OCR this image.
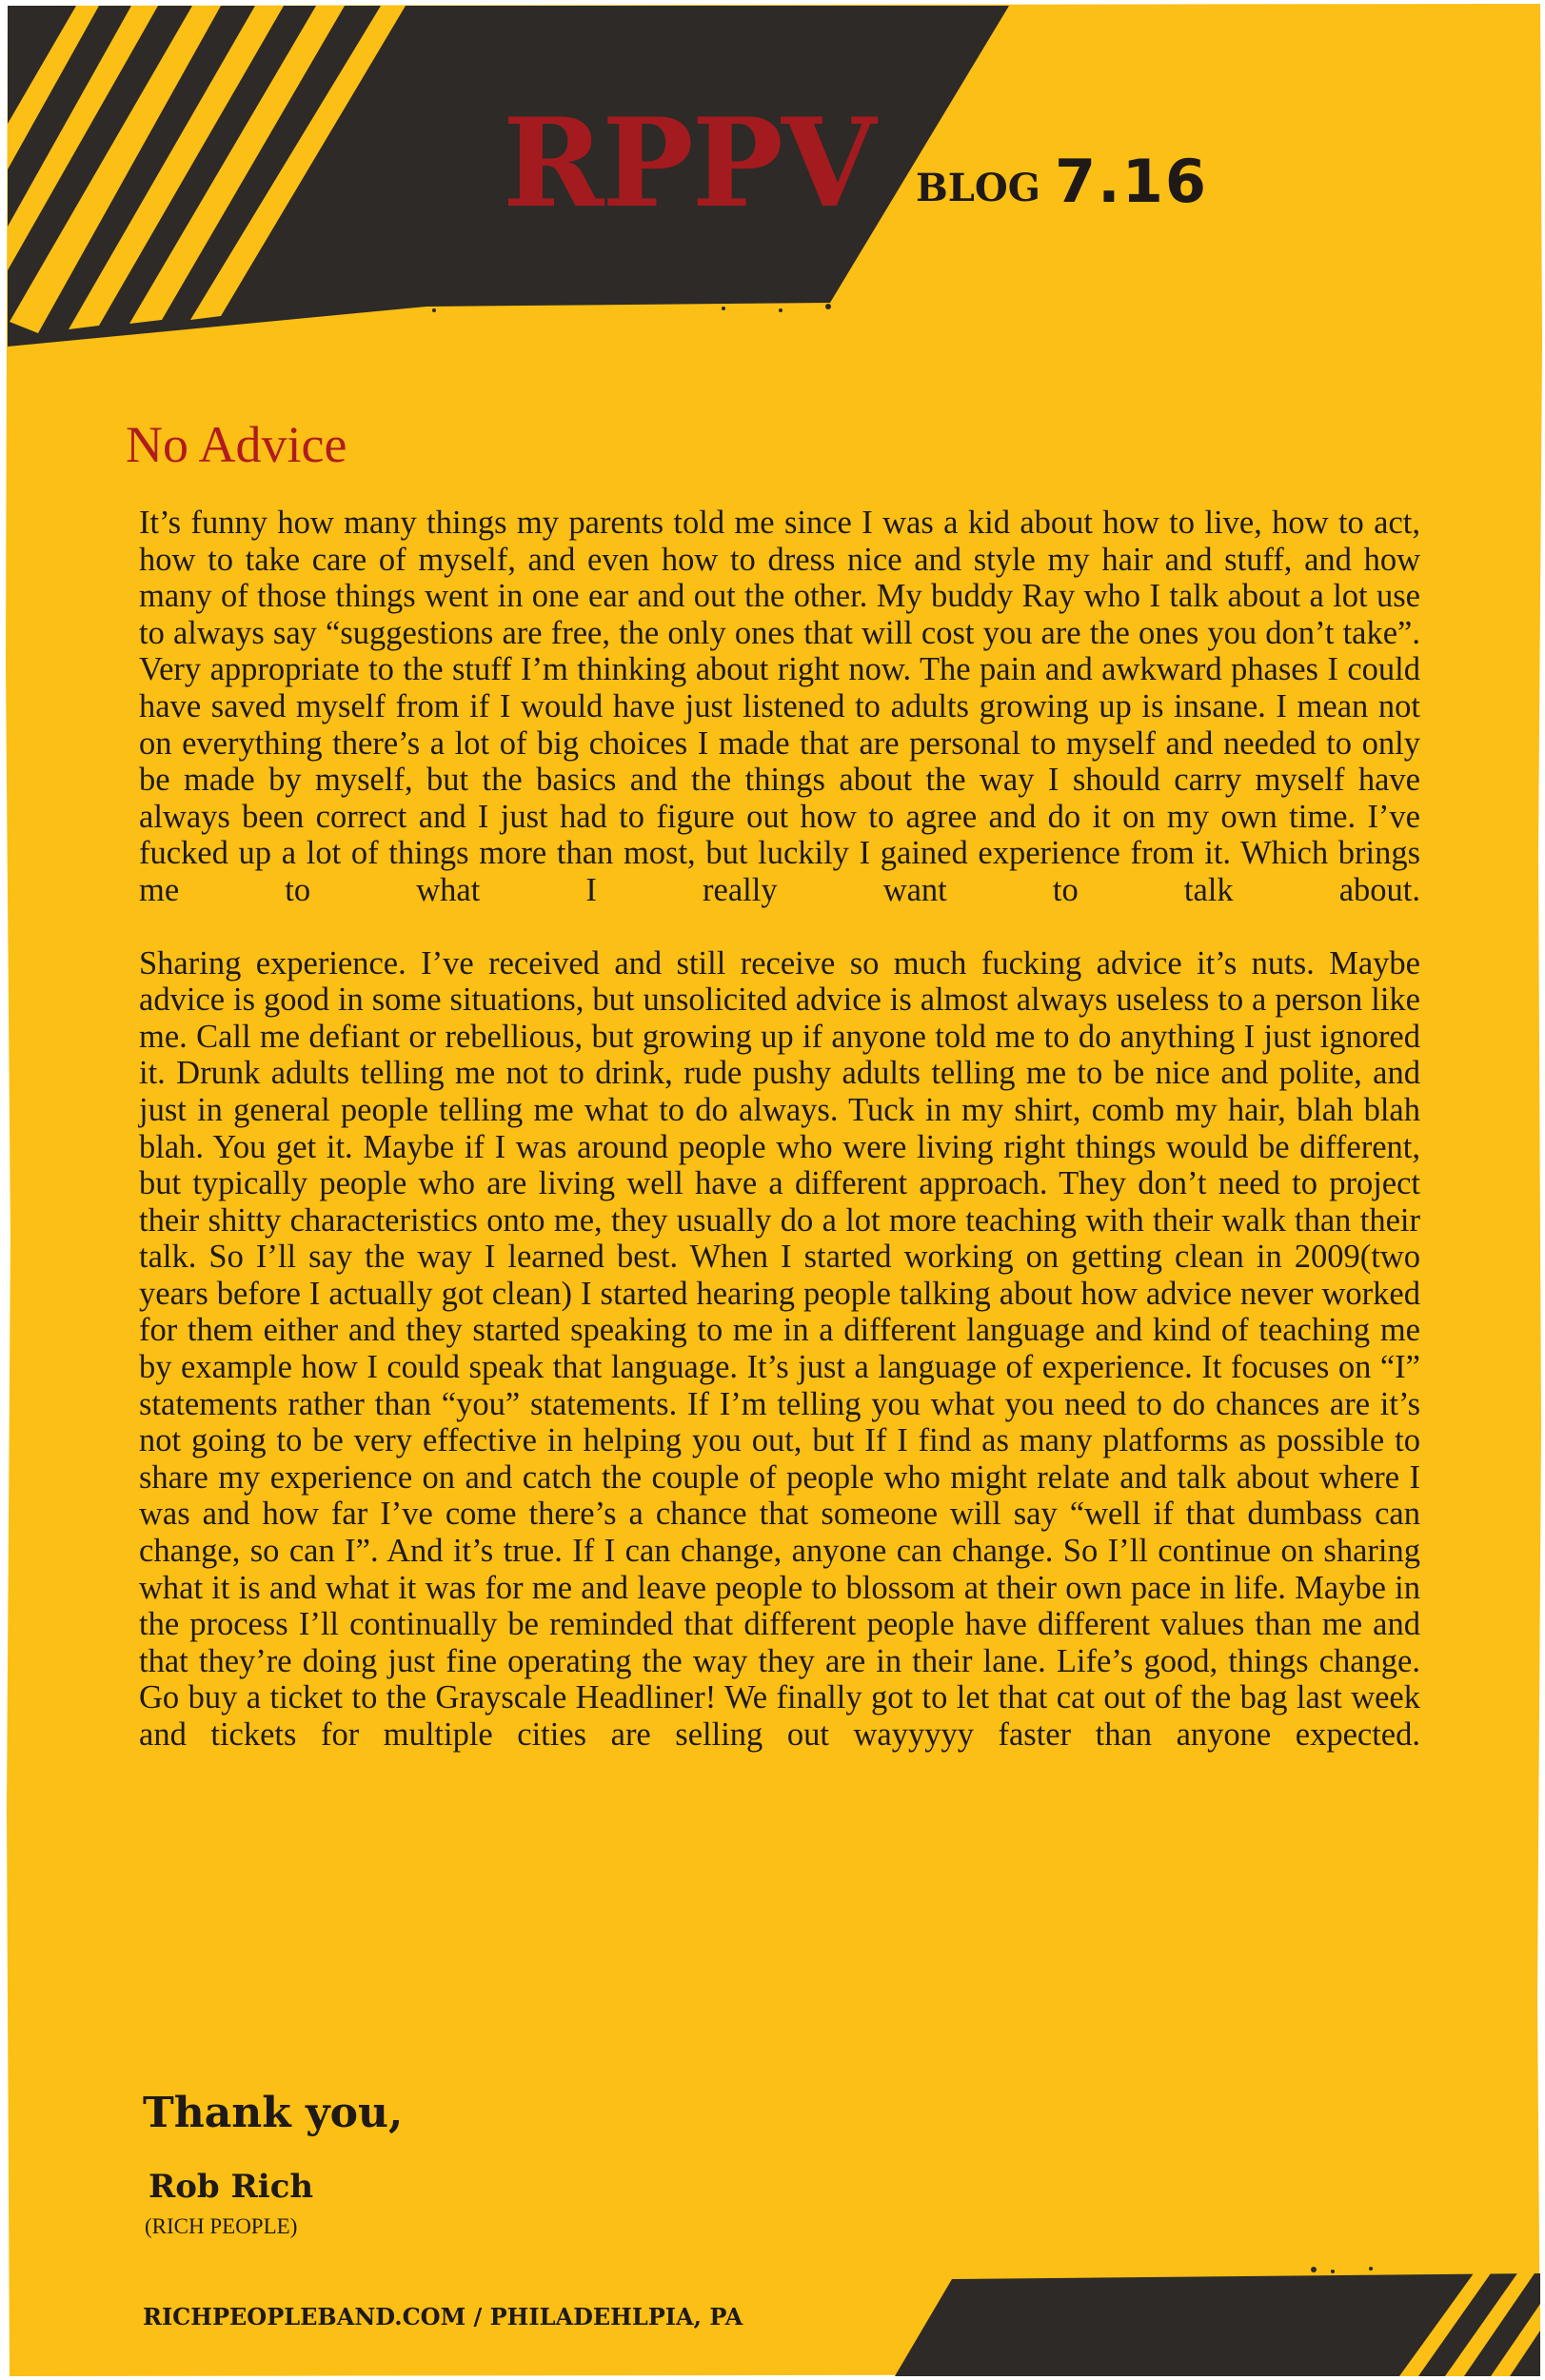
RPPV BLOG 7.16
No Advice

It’s funny how many things my parents told me since I was a kid about how to live, how to act, how to take care of myself, and even how to dress nice and style my hair and stuff, and how many of those things went in one ear and out the other. My buddy Ray who I talk about a lot use to always say “suggestions are free, the only ones that will cost you are the ones you don’t take”. Very appropriate to the stuff I’m thinking about right now. The pain and awkward phases I could have saved myself from if I would have just listened to adults growing up is insane. I mean not on everything there’s a lot of big choices I made that are personal to myself and needed to only be made by myself, but the basics and the things about the way I should carry myself have always been correct and I just had to figure out how to agree and do it on my own time. I’ve fucked up a lot of things more than most, but luckily I gained experience from it. Which brings me to what I really want to talk about.

Sharing experience. I’ve received and still receive so much fucking advice it’s nuts. Maybe advice is good in some situations, but unsolicited advice is almost always useless to a person like me. Call me defiant or rebellious, but growing up if anyone told me to do anything I just ignored it. Drunk adults telling me not to drink, rude pushy adults telling me to be nice and polite, and just in general people telling me what to do always. Tuck in my shirt, comb my hair, blah blah blah. You get it. Maybe if I was around people who were living right things would be different, but typically people who are living well have a different approach. They don’t need to project their shitty characteristics onto me, they usually do a lot more teaching with their walk than their talk. So I’ll say the way I learned best. When I started working on getting clean in 2009(two years before I actually got clean) I started hearing people talking about how advice never worked for them either and they started speaking to me in a different language and kind of teaching me by example how I could speak that language. It’s just a language of experience. It focuses on “I” statements rather than “you” statements. If I’m telling you what you need to do chances are it’s not going to be very effective in helping you out, but If I find as many platforms as possible to share my experience on and catch the couple of people who might relate and talk about where I was and how far I’ve come there’s a chance that someone will say “well if that dumbass can change, so can I”. And it’s true. If I can change, anyone can change. So I’ll continue on sharing what it is and what it was for me and leave people to blossom at their own pace in life. Maybe in the process I’ll continually be reminded that different people have different values than me and that they’re doing just fine operating the way they are in their lane. Life’s good, things change. Go buy a ticket to the Grayscale Headliner! We finally got to let that cat out of the bag last week and tickets for multiple cities are selling out wayyyyy faster than anyone expected.

Thank you,
Rob Rich
(RICH PEOPLE)
RICHPEOPLEBAND.COM / PHILADEHLPIA, PA
